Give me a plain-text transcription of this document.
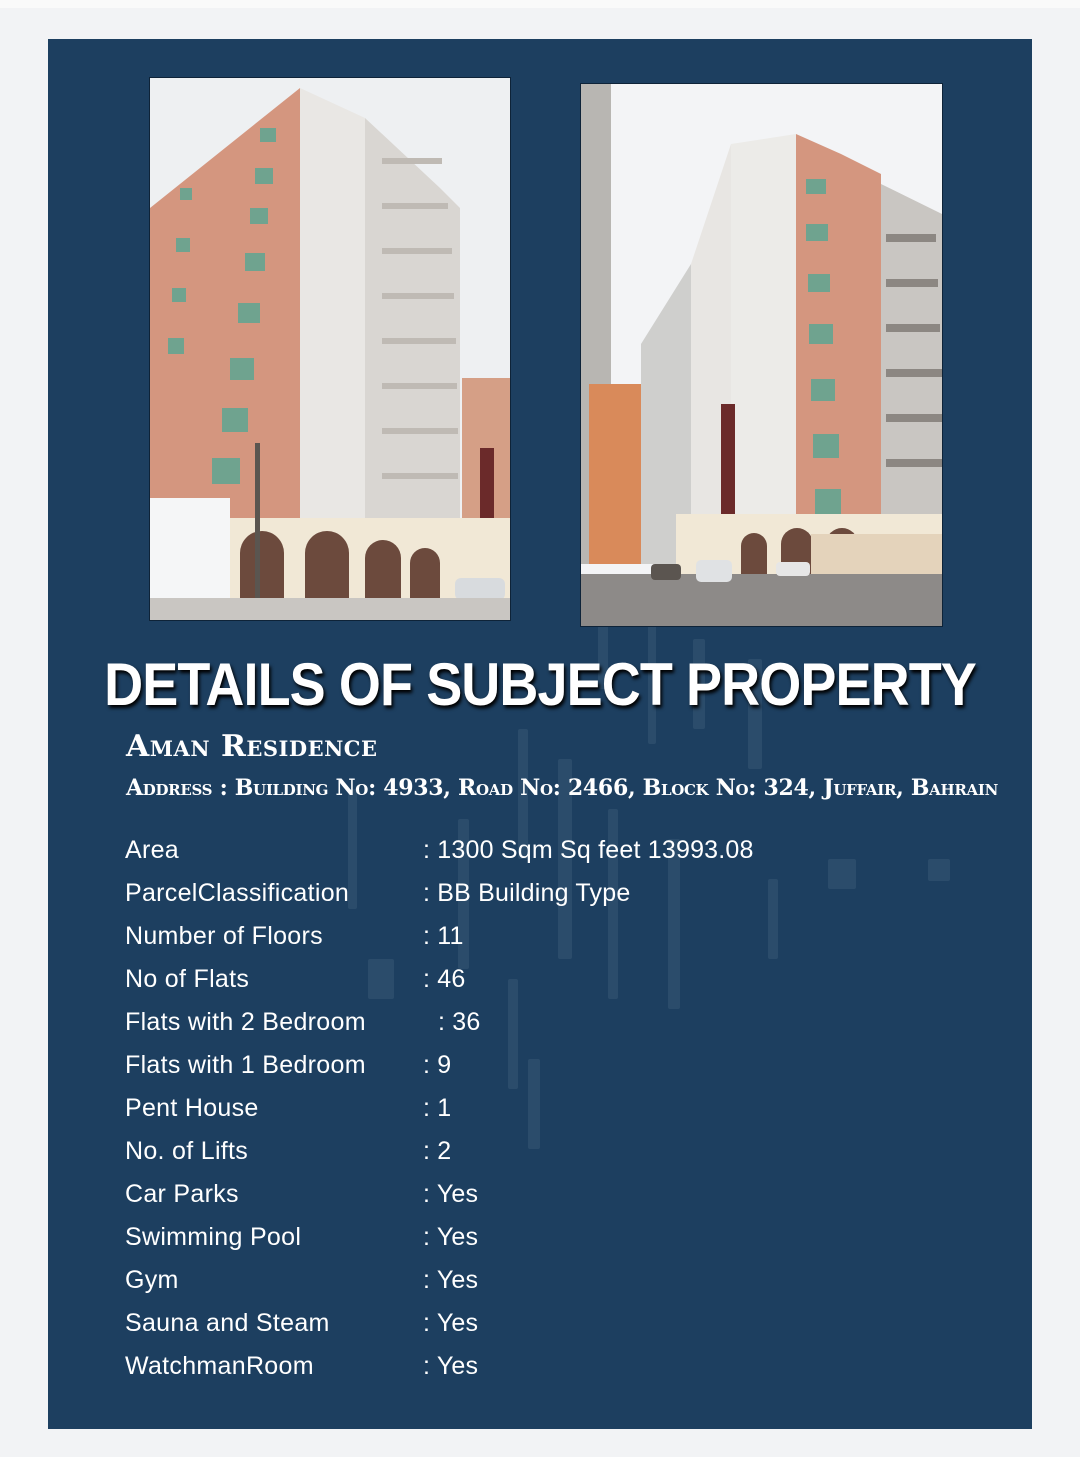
DETAILS OF SUBJECT PROPERTY
Aman Residence
Address : Building No: 4933, Road No: 2466, Block No: 324, Juffair, Bahrain
Area	: 1300 Sqm Sq feet 13993.08
ParcelClassification	: BB Building Type
Number of Floors	: 11
No of Flats	: 46
Flats with 2 Bedroom	: 36
Flats with 1 Bedroom : 9
Pent House	: 1
No. of Lifts	: 2
Car Parks	: Yes
Swimming Pool	: Yes
Gym	: Yes
Sauna and Steam	: Yes
WatchmanRoom	: Yes
